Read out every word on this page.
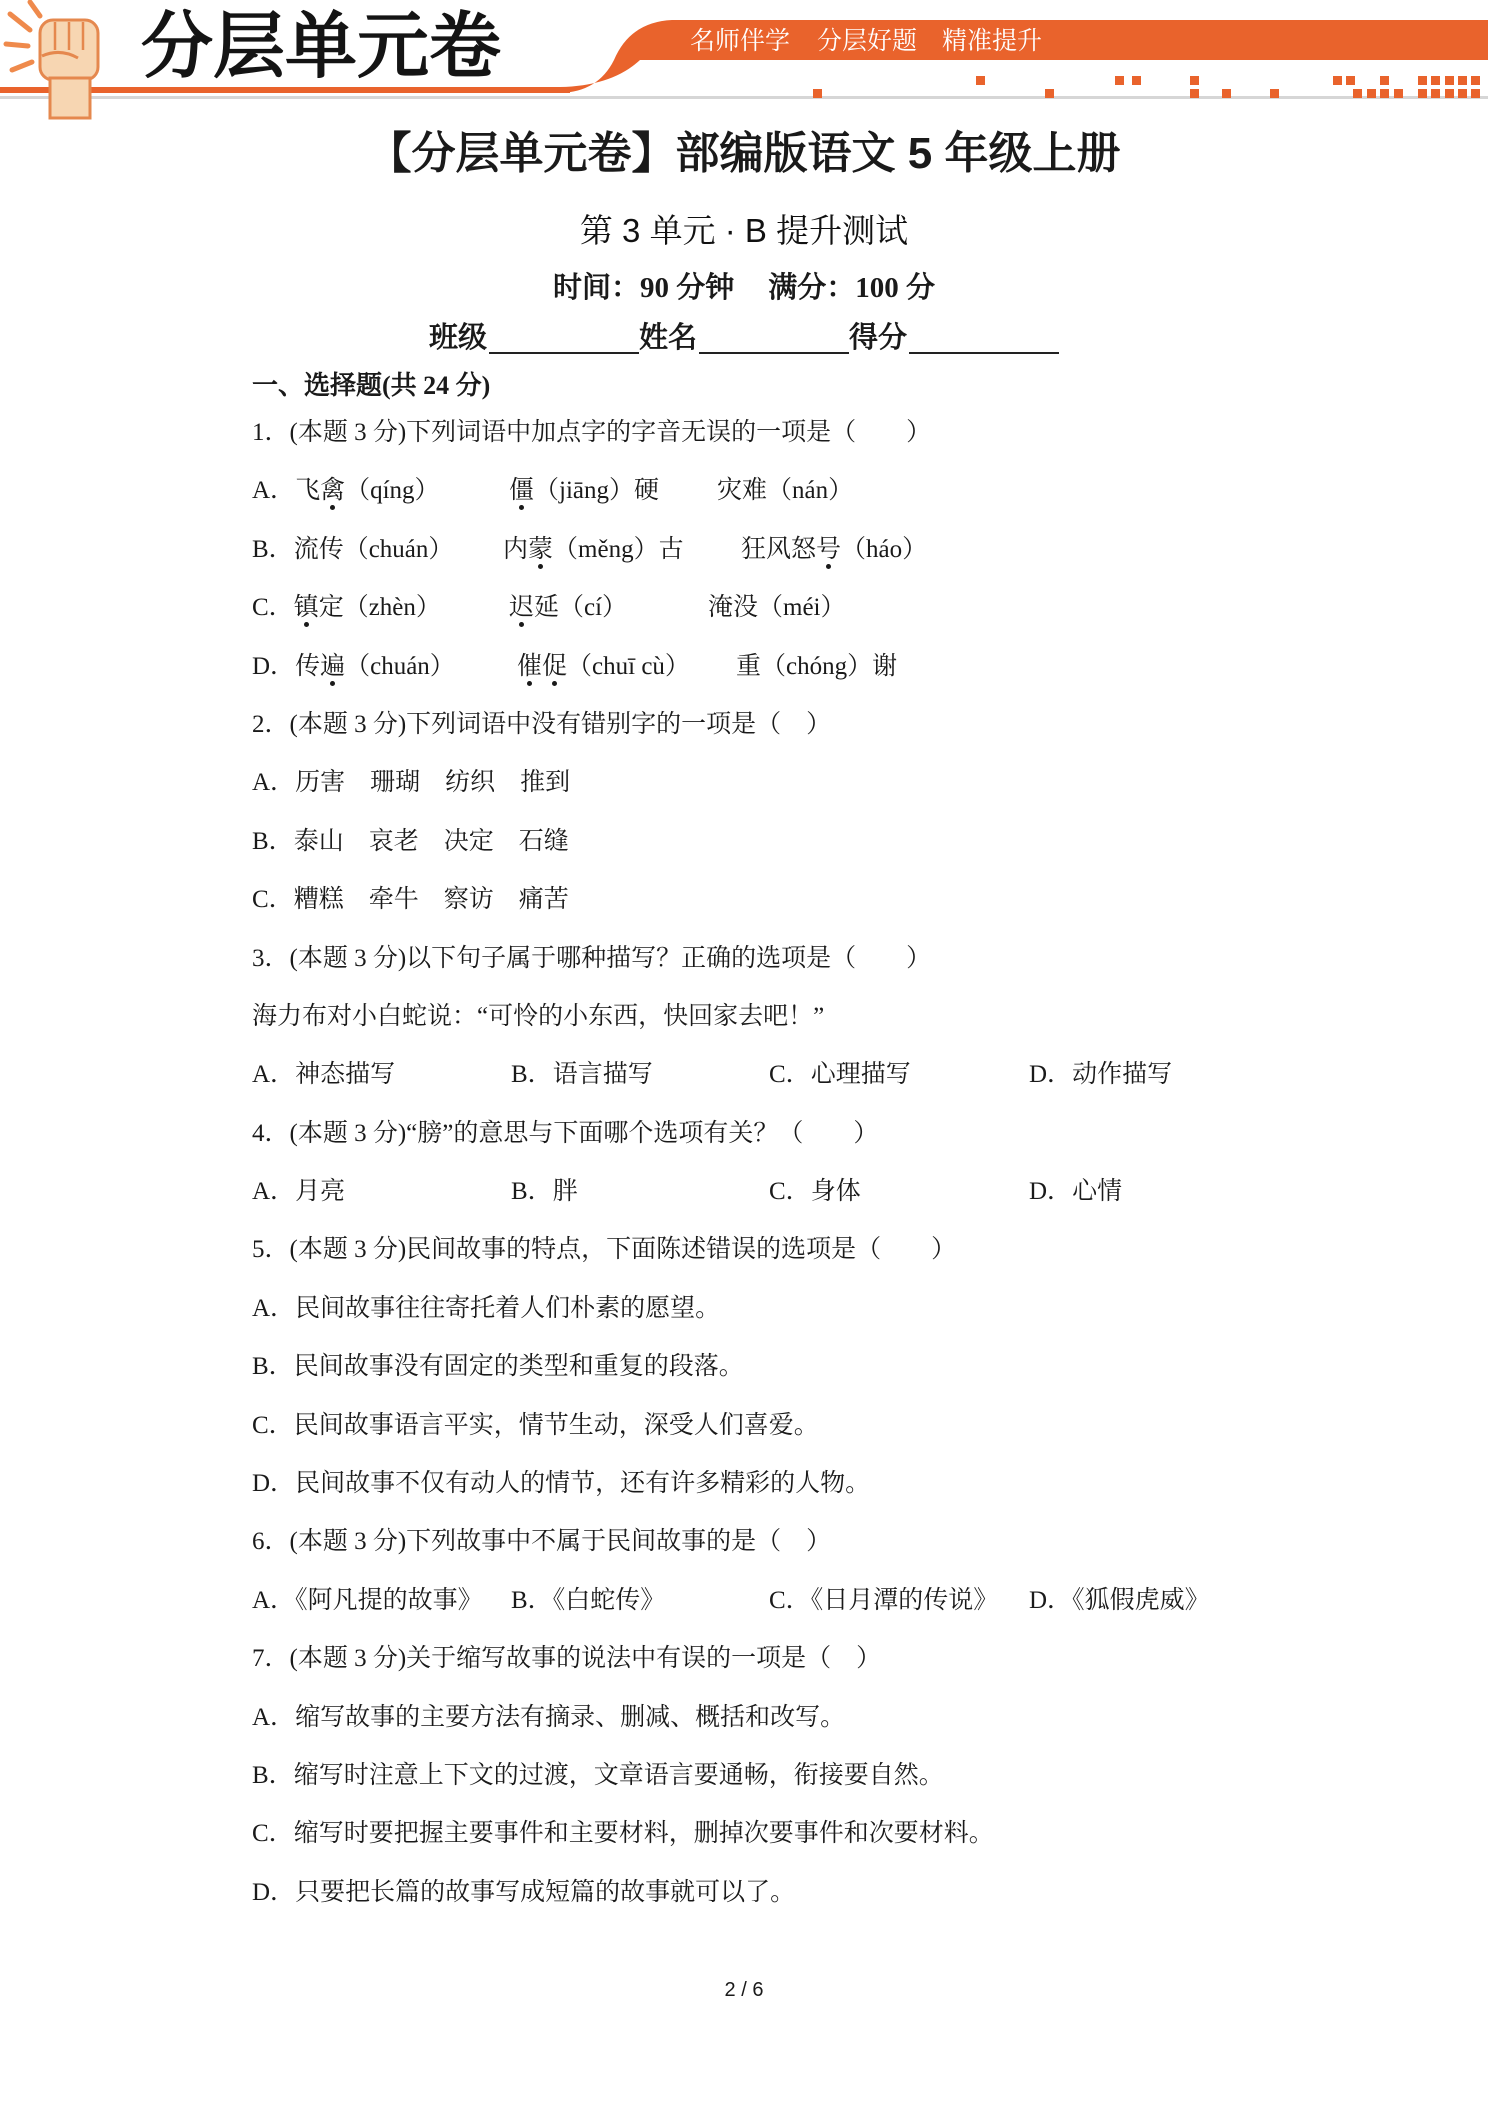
名师伴学 分层好题 精准提升
分层单元卷
【分层单元卷】部编版语文 5 年级上册
第 3 单元 · B 提升测试
时间：90 分钟 满分：100 分
班级	姓名	得分
一、选择题(共 24 分)
1．(本题 3 分)下列词语中加点字的字音无误的一项是（　　）
A．飞禽（qíng）	僵（jiāng）硬 灾难（nán）
B．流传（chuán） 内蒙（měng）古 狂风怒号（háo）
C．镇定（zhèn）	迟延（cí）	淹没（méi）
D．传遍（chuán） 催促（chuī cù） 重（chóng）谢
2．(本题 3 分)下列词语中没有错别字的一项是（　）
A．历害 珊瑚 纺织 推到
B．泰山 哀老 决定 石缝
C．糟糕 牵牛 察访 痛苦
3．(本题 3 分)以下句子属于哪种描写？正确的选项是（　　）
海力布对小白蛇说：“可怜的小东西，快回家去吧！”
A．神态描写	B．语言描写	C．心理描写	D．动作描写
4．(本题 3 分)“膀”的意思与下面哪个选项有关？（　　）
A．月亮	B．胖	C．身体	D．心情
5．(本题 3 分)民间故事的特点，下面陈述错误的选项是（　　）
A．民间故事往往寄托着人们朴素的愿望。
B．民间故事没有固定的类型和重复的段落。
C．民间故事语言平实，情节生动，深受人们喜爱。
D．民间故事不仅有动人的情节，还有许多精彩的人物。
6．(本题 3 分)下列故事中不属于民间故事的是（　）
A．《阿凡提的故事》 B．《白蛇传》	C．《日月潭的传说》 D．《狐假虎威》
7．(本题 3 分)关于缩写故事的说法中有误的一项是（　）
A．缩写故事的主要方法有摘录、删减、概括和改写。
B．缩写时注意上下文的过渡，文章语言要通畅，衔接要自然。
C．缩写时要把握主要事件和主要材料，删掉次要事件和次要材料。
D．只要把长篇的故事写成短篇的故事就可以了。
2 / 6
